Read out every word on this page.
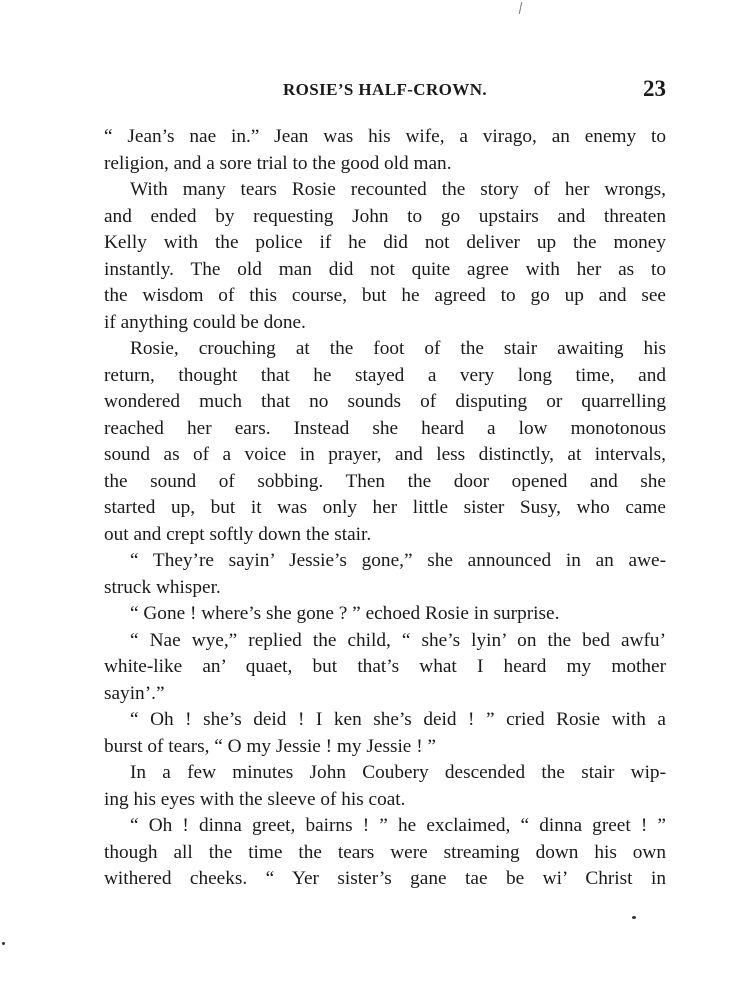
ROSIE’S HALF-CROWN.	23
“ Jean’s nae in.” Jean was his wife, a virago, an enemy to
religion, and a sore trial to the good old man.
With many tears Rosie recounted the story of her wrongs,
and ended by requesting John to go upstairs and threaten
Kelly with the police if he did not deliver up the money
instantly. The old man did not quite agree with her as to
the wisdom of this course, but he agreed to go up and see
if anything could be done.
Rosie, crouching at the foot of the stair awaiting his
return, thought that he stayed a very long time, and
wondered much that no sounds of disputing or quarrelling
reached her ears. Instead she heard a low monotonous
sound as of a voice in prayer, and less distinctly, at intervals,
the sound of sobbing. Then the door opened and she
started up, but it was only her little sister Susy, who came
out and crept softly down the stair.
“ They’re sayin’ Jessie’s gone,” she announced in an awe-
struck whisper.
“ Gone ! where’s she gone ? ” echoed Rosie in surprise.
“ Nae wye,” replied the child, “ she’s lyin’ on the bed awfu’
white-like an’ quaet, but that’s what I heard my mother
sayin’.”
“ Oh ! she’s deid ! I ken she’s deid ! ” cried Rosie with a
burst of tears, “ O my Jessie ! my Jessie ! ”
In a few minutes John Coubery descended the stair wip-
ing his eyes with the sleeve of his coat.
“ Oh ! dinna greet, bairns ! ” he exclaimed, “ dinna greet ! ”
though all the time the tears were streaming down his own
withered cheeks. “ Yer sister’s gane tae be wi’ Christ in
